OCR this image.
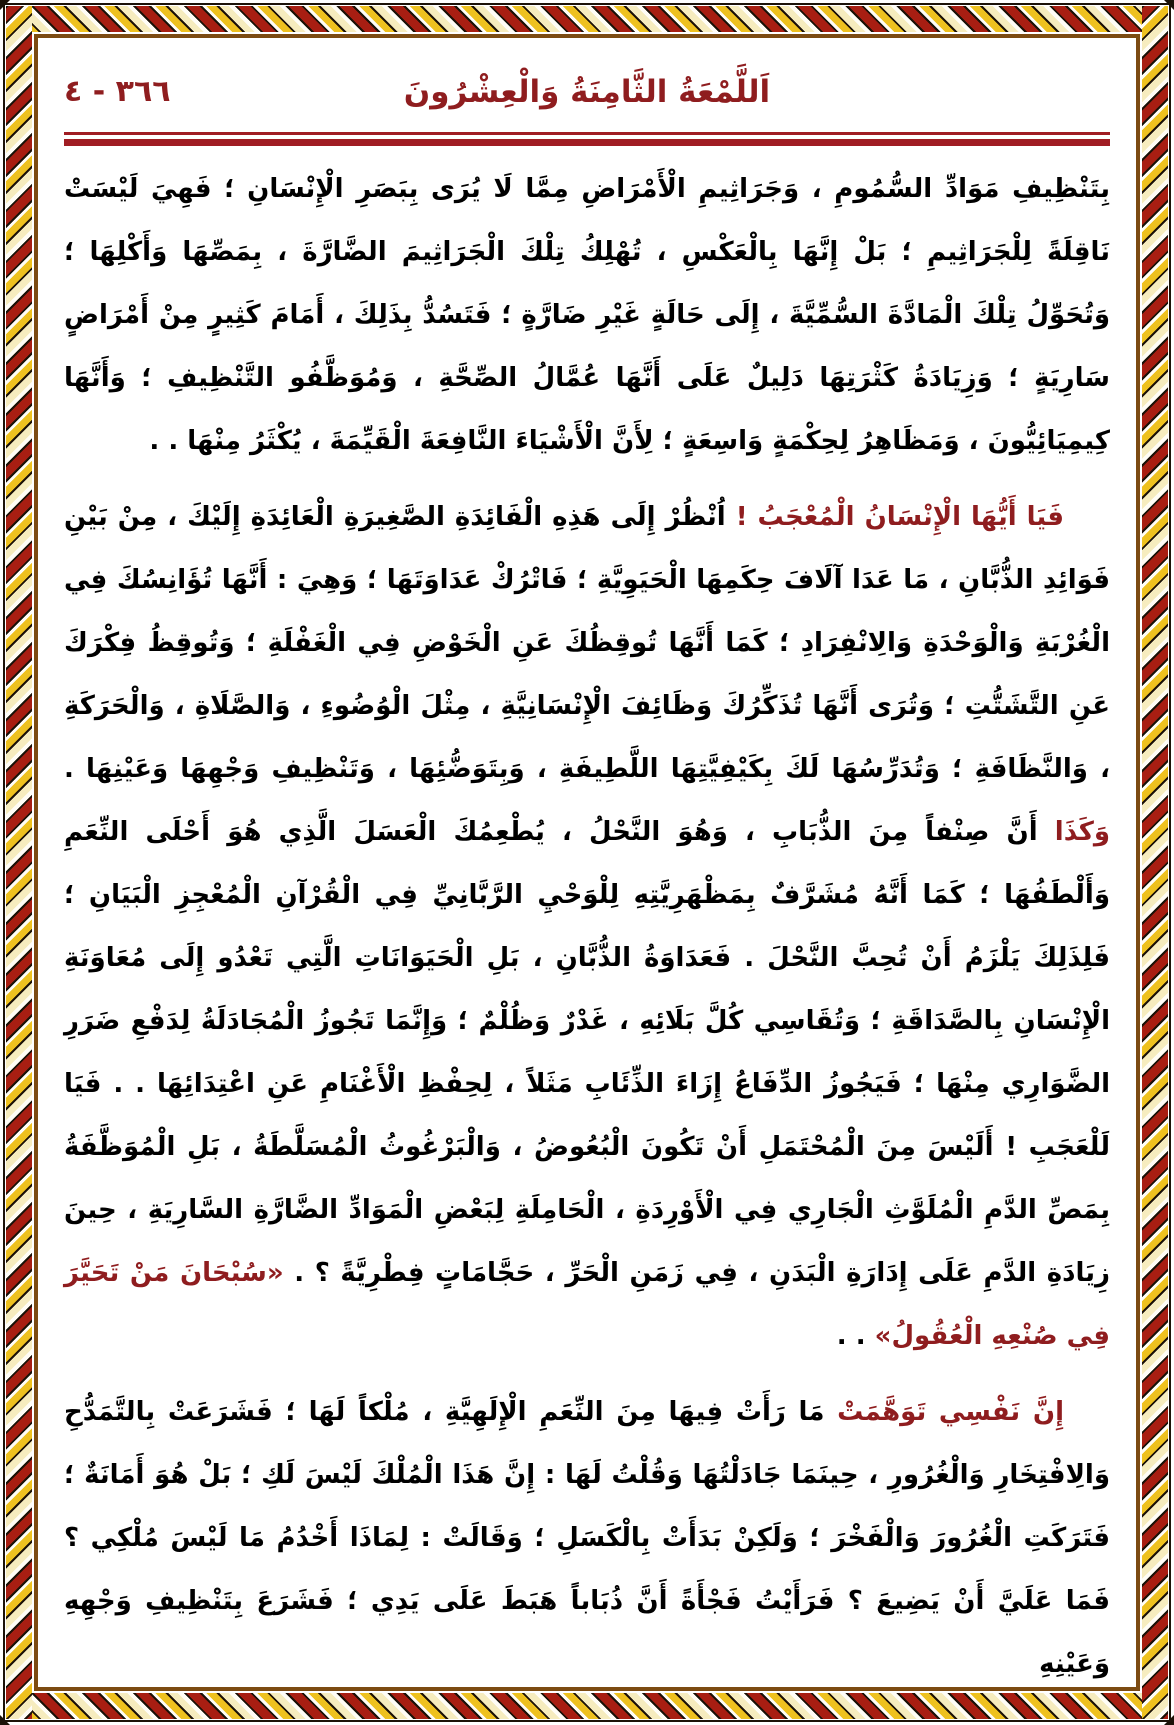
اَللَّمْعَةُ الثَّامِنَةُ وَالْعِشْرُونَ
٣٦٦ - ٤

بِتَنْظِيفِ مَوَادِّ السُّمُومِ ، وَجَرَاثِيمِ الْأَمْرَاضِ مِمَّا لَا يُرَى بِبَصَرِ الْإِنْسَانِ ؛ فَهِيَ لَيْسَتْ نَاقِلَةً لِلْجَرَاثِيمِ ؛ بَلْ إِنَّهَا بِالْعَكْسِ ، تُهْلِكُ تِلْكَ الْجَرَاثِيمَ الضَّارَّةَ ، بِمَصِّهَا وَأَكْلِهَا ؛ وَتُحَوِّلُ تِلْكَ الْمَادَّةَ السُّمِّيَّةَ ، إِلَى حَالَةٍ غَيْرِ ضَارَّةٍ ؛ فَتَسُدُّ بِذَلِكَ ، أَمَامَ كَثِيرٍ مِنْ أَمْرَاضٍ سَارِيَةٍ ؛ وَزِيَادَةُ كَثْرَتِهَا دَلِيلٌ عَلَى أَنَّهَا عُمَّالُ الصِّحَّةِ ، وَمُوَظَّفُو التَّنْظِيفِ ؛ وَأَنَّهَا كِيمِيَائِيُّونَ ، وَمَظَاهِرُ لِحِكْمَةٍ وَاسِعَةٍ ؛ لِأَنَّ الْأَشْيَاءَ النَّافِعَةَ الْقَيِّمَةَ ، يُكْثَرُ مِنْهَا . .

فَيَا أَيُّهَا الْإِنْسَانُ الْمُعْجَبُ ! اُنْظُرْ إِلَى هَذِهِ الْفَائِدَةِ الصَّغِيرَةِ الْعَائِدَةِ إِلَيْكَ ، مِنْ بَيْنِ فَوَائِدِ الذُّبَّانِ ، مَا عَدَا آلَافَ حِكَمِهَا الْحَيَوِيَّةِ ؛ فَاتْرُكْ عَدَاوَتَهَا ؛ وَهِيَ : أَنَّهَا تُؤَانِسُكَ فِي الْغُرْبَةِ وَالْوَحْدَةِ وَالِانْفِرَادِ ؛ كَمَا أَنَّهَا تُوقِظُكَ عَنِ الْخَوْضِ فِي الْغَفْلَةِ ؛ وَتُوقِظُ فِكْرَكَ عَنِ التَّشَتُّتِ ؛ وَتُرَى أَنَّهَا تُذَكِّرُكَ وَظَائِفَ الْإِنْسَانِيَّةِ ، مِثْلَ الْوُضُوءِ ، وَالصَّلَاةِ ، وَالْحَرَكَةِ ، وَالنَّظَافَةِ ؛ وَتُدَرِّسُهَا لَكَ بِكَيْفِيَّتِهَا اللَّطِيفَةِ ، وَبِتَوَضُّئِهَا ، وَتَنْظِيفِ وَجْهِهَا وَعَيْنِهَا . وَكَذَا أَنَّ صِنْفاً مِنَ الذُّبَابِ ، وَهُوَ النَّحْلُ ، يُطْعِمُكَ الْعَسَلَ الَّذِي هُوَ أَحْلَى النِّعَمِ وَأَلْطَفُهَا ؛ كَمَا أَنَّهُ مُشَرَّفٌ بِمَظْهَرِيَّتِهِ لِلْوَحْيِ الرَّبَّانِيِّ فِي الْقُرْآنِ الْمُعْجِزِ الْبَيَانِ ؛ فَلِذَلِكَ يَلْزَمُ أَنْ تُحِبَّ النَّحْلَ . فَعَدَاوَةُ الذُّبَّانِ ، بَلِ الْحَيَوَانَاتِ الَّتِي تَعْدُو إِلَى مُعَاوَنَةِ الْإِنْسَانِ بِالصَّدَاقَةِ ؛ وَتُقَاسِي كُلَّ بَلَائِهِ ، غَدْرٌ وَظُلْمٌ ؛ وَإِنَّمَا تَجُوزُ الْمُجَادَلَةُ لِدَفْعِ ضَرَرِ الضَّوَارِي مِنْهَا ؛ فَيَجُوزُ الدِّفَاعُ إِزَاءَ الذِّئَابِ مَثَلاً ، لِحِفْظِ الْأَغْنَامِ عَنِ اعْتِدَائِهَا . . فَيَا لَلْعَجَبِ ! أَلَيْسَ مِنَ الْمُحْتَمَلِ أَنْ تَكُونَ الْبُعُوضُ ، وَالْبَرْغُوثُ الْمُسَلَّطَةُ ، بَلِ الْمُوَظَّفَةُ بِمَصِّ الدَّمِ الْمُلَوَّثِ الْجَارِي فِي الْأَوْرِدَةِ ، الْحَامِلَةِ لِبَعْضِ الْمَوَادِّ الضَّارَّةِ السَّارِيَةِ ، حِينَ زِيَادَةِ الدَّمِ عَلَى إِدَارَةِ الْبَدَنِ ، فِي زَمَنِ الْحَرِّ ، حَجَّامَاتٍ فِطْرِيَّةً ؟ . «سُبْحَانَ مَنْ تَحَيَّرَ فِي صُنْعِهِ الْعُقُولُ» . .

إِنَّ نَفْسِي تَوَهَّمَتْ مَا رَأَتْ فِيهَا مِنَ النِّعَمِ الْإِلَهِيَّةِ ، مُلْكاً لَهَا ؛ فَشَرَعَتْ بِالتَّمَدُّحِ وَالِافْتِخَارِ وَالْغُرُورِ ، حِينَمَا جَادَلْتُهَا وَقُلْتُ لَهَا : إِنَّ هَذَا الْمُلْكَ لَيْسَ لَكِ ؛ بَلْ هُوَ أَمَانَةٌ ؛ فَتَرَكَتِ الْغُرُورَ وَالْفَخْرَ ؛ وَلَكِنْ بَدَأَتْ بِالْكَسَلِ ؛ وَقَالَتْ : لِمَاذَا أَخْدُمُ مَا لَيْسَ مُلْكِي ؟ فَمَا عَلَيَّ أَنْ يَضِيعَ ؟ فَرَأَيْتُ فَجْأَةً أَنَّ ذُبَاباً هَبَطَ عَلَى يَدِي ؛ فَشَرَعَ بِتَنْظِيفِ وَجْهِهِ وَعَيْنِهِ
